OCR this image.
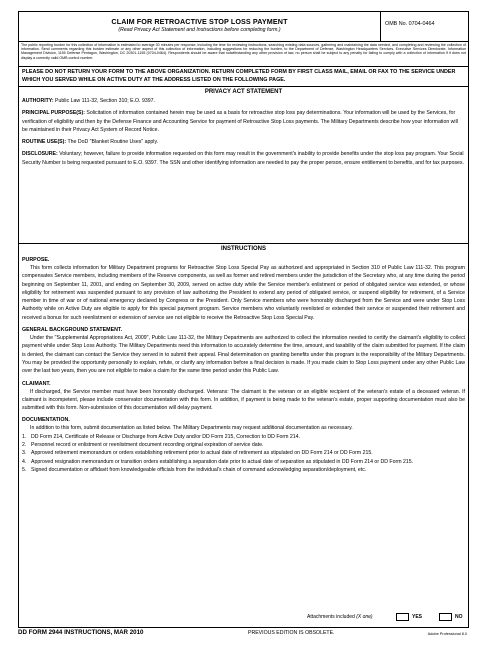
CLAIM FOR RETROACTIVE STOP LOSS PAYMENT
(Read Privacy Act Statement and Instructions before completing form.)
OMB No. 0704-0464
The public reporting burden for this collection of information is estimated to average 30 minutes per response, including the time for reviewing instructions, searching existing data sources, gathering and maintaining the data needed, and completing and reviewing the collection of information. Send comments regarding this burden estimate or any other aspect of this collection of information, including suggestions for reducing the burden, to the Department of Defense, Washington Headquarters Services, Executive Services Directorate, Information Management Division, 1155 Defense Pentagon, Washington, DC 20301-1155 (0704-0464). Respondents should be aware that notwithstanding any other provision of law, no person shall be subject to any penalty for failing to comply with a collection of information if it does not display a currently valid OMB control number.
PLEASE DO NOT RETURN YOUR FORM TO THE ABOVE ORGANIZATION. RETURN COMPLETED FORM BY FIRST CLASS MAIL, EMAIL OR FAX TO THE SERVICE UNDER WHICH YOU SERVED WHILE ON ACTIVE DUTY AT THE ADDRESS LISTED ON THE FOLLOWING PAGE.
PRIVACY ACT STATEMENT

AUTHORITY: Public Law 111-32, Section 310; E.O. 9397.

PRINCIPAL PURPOSE(S): Solicitation of information contained herein may be used as a basis for retroactive stop loss pay determinations. Your information will be used by the Services, for verification of eligibility and then by the Defense Finance and Accounting Service for payment of Retroactive Stop Loss payments. The Military Departments describe how your information will be maintained in their Privacy Act System of Record Notice.

ROUTINE USE(S): The DoD "Blanket Routine Uses" apply.

DISCLOSURE: Voluntary; however, failure to provide information requested on this form may result in the government's inability to provide benefits under the stop loss pay program. Your Social Security Number is being requested pursuant to E.O. 9397. The SSN and other identifying information are needed to pay the proper person, ensure entitlement to benefits, and for tax purposes.

INSTRUCTIONS
PURPOSE.

This form collects information for Military Department programs for Retroactive Stop Loss Special Pay as authorized and appropriated in Section 310 of Public Law 111-32. This program compensates Service members, including members of the Reserve components, as well as former and retired members under the jurisdiction of the Secretary who, at any time during the period beginning on September 11, 2001, and ending on September 30, 2009, served on active duty while the Service member's enlistment or period of obligated service was extended, or whose eligibility for retirement was suspended pursuant to any provision of law authorizing the President to extend any period of obligated service, or suspend eligibility for retirement, of a Service member in time of war or of national emergency declared by Congress or the President. Only Service members who were honorably discharged from the Service and were under Stop Loss Authority while on Active Duty are eligible to apply for this special payment program. Service members who voluntarily reenlisted or extended their service or suspended their retirement and received a bonus for such reenlistment or extension of service are not eligible to receive the Retroactive Stop Loss Special Pay.

GENERAL BACKGROUND STATEMENT.

Under the "Supplemental Appropriations Act, 2009", Public Law 111-32, the Military Departments are authorized to collect the information needed to certify the claimant's eligibility to collect payment while under Stop Loss Authority. The Military Departments need this information to accurately determine the time, amount, and taxability of the claim submitted for payment. If the claim is denied, the claimant can contact the Service they served in to submit their appeal. Final determination on granting benefits under this program is the responsibility of the Military Departments. You may be provided the opportunity personally to explain, refute, or clarify any information before a final decision is made. If you made claim to Stop Loss payment under any other Public Law over the last two years, then you are not eligible to make a claim for the same time period under this Public Law.

CLAIMANT.

If discharged, the Service member must have been honorably discharged. Veterans: The claimant is the veteran or an eligible recipient of the veteran's estate of a deceased veteran. If claimant is incompetent, please include conservator documentation with this form. In addition, if payment is being made to the veteran's estate, proper supporting documentation must also be submitted with this form. Non-submission of this documentation will delay payment.

DOCUMENTATION.

In addition to this form, submit documentation as listed below. The Military Departments may request additional documentation as necessary.

1. DD Form 214, Certificate of Release or Discharge from Active Duty and/or DD Form 215, Correction to DD Form 214.
2. Personnel record or enlistment or reenlistment document recording original expiration of service date.
3. Approved retirement memorandum or orders establishing retirement prior to actual date of retirement as stipulated on DD Form 214 or DD Form 215.
4. Approved resignation memorandum or transition orders establishing a separation date prior to actual date of separation as stipulated in DD Form 214 or DD Form 215.
5. Signed documentation or affidavit from knowledgeable officials from the individual's chain of command acknowledging separation/deployment, etc.
Attachments included (X one)	YES	NO
DD FORM 2944 INSTRUCTIONS, MAR 2010	PREVIOUS EDITION IS OBSOLETE.	Adobe Professional 8.0
